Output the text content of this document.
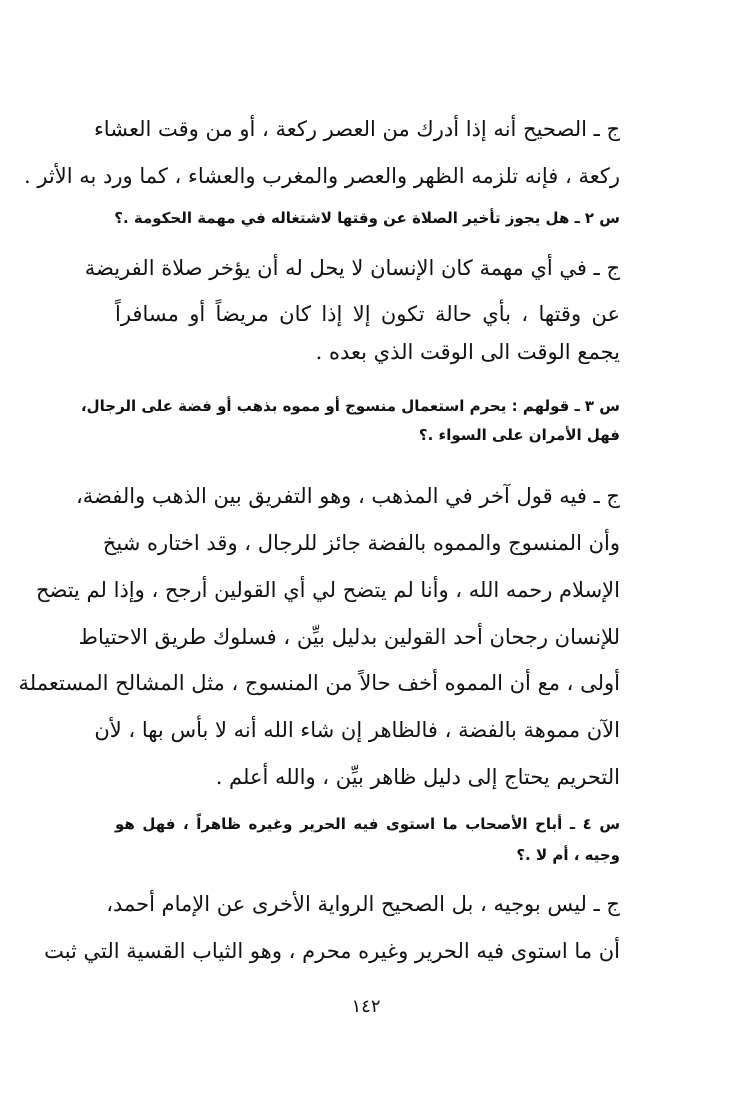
ج ـ الصحيح أنه إذا أدرك من العصر ركعة ، أو من وقت العشاء
ركعة ، فإنه تلزمه الظهر والعصر والمغرب والعشاء ، كما ورد به الأثر .
س ٢ ـ هل يجوز تأخير الصلاة عن وقتها لاشتغاله في مهمة الحكومة .؟
ج ـ في أي مهمة كان الإنسان لا يحل له أن يؤخر صلاة الفريضة
عن وقتها ، بأي حالة تكون إلا إذا كان مريضاً أو مسافراً
يجمع الوقت الى الوقت الذي بعده .
س ٣ ـ قولهم : يحرم استعمال منسوج أو مموه بذهب أو فضة على الرجال،
فهل الأمران على السواء .؟
ج ـ فيه قول آخر في المذهب ، وهو التفريق بين الذهب والفضة،
وأن المنسوج والمموه بالفضة جائز للرجال ، وقد اختاره شيخ
الإسلام رحمه الله ، وأنا لم يتضح لي أي القولين أرجح ، وإذا لم يتضح
للإنسان رجحان أحد القولين بدليل بيِّن ، فسلوك طريق الاحتياط
أولى ، مع أن المموه أخف حالاً من المنسوج ، مثل المشالح المستعملة
الآن مموهة بالفضة ، فالظاهر إن شاء الله أنه لا بأس بها ، لأن
التحريم يحتاج إلى دليل ظاهر بيِّن ، والله أعلم .
س ٤ ـ أباح الأصحاب ما استوى فيه الحرير وغيره ظاهراً ، فهل هو
وجيه ، أم لا .؟
ج ـ ليس بوجيه ، بل الصحيح الرواية الأخرى عن الإمام أحمد،
أن ما استوى فيه الحرير وغيره محرم ، وهو الثياب القسية التي ثبت
١٤٢
